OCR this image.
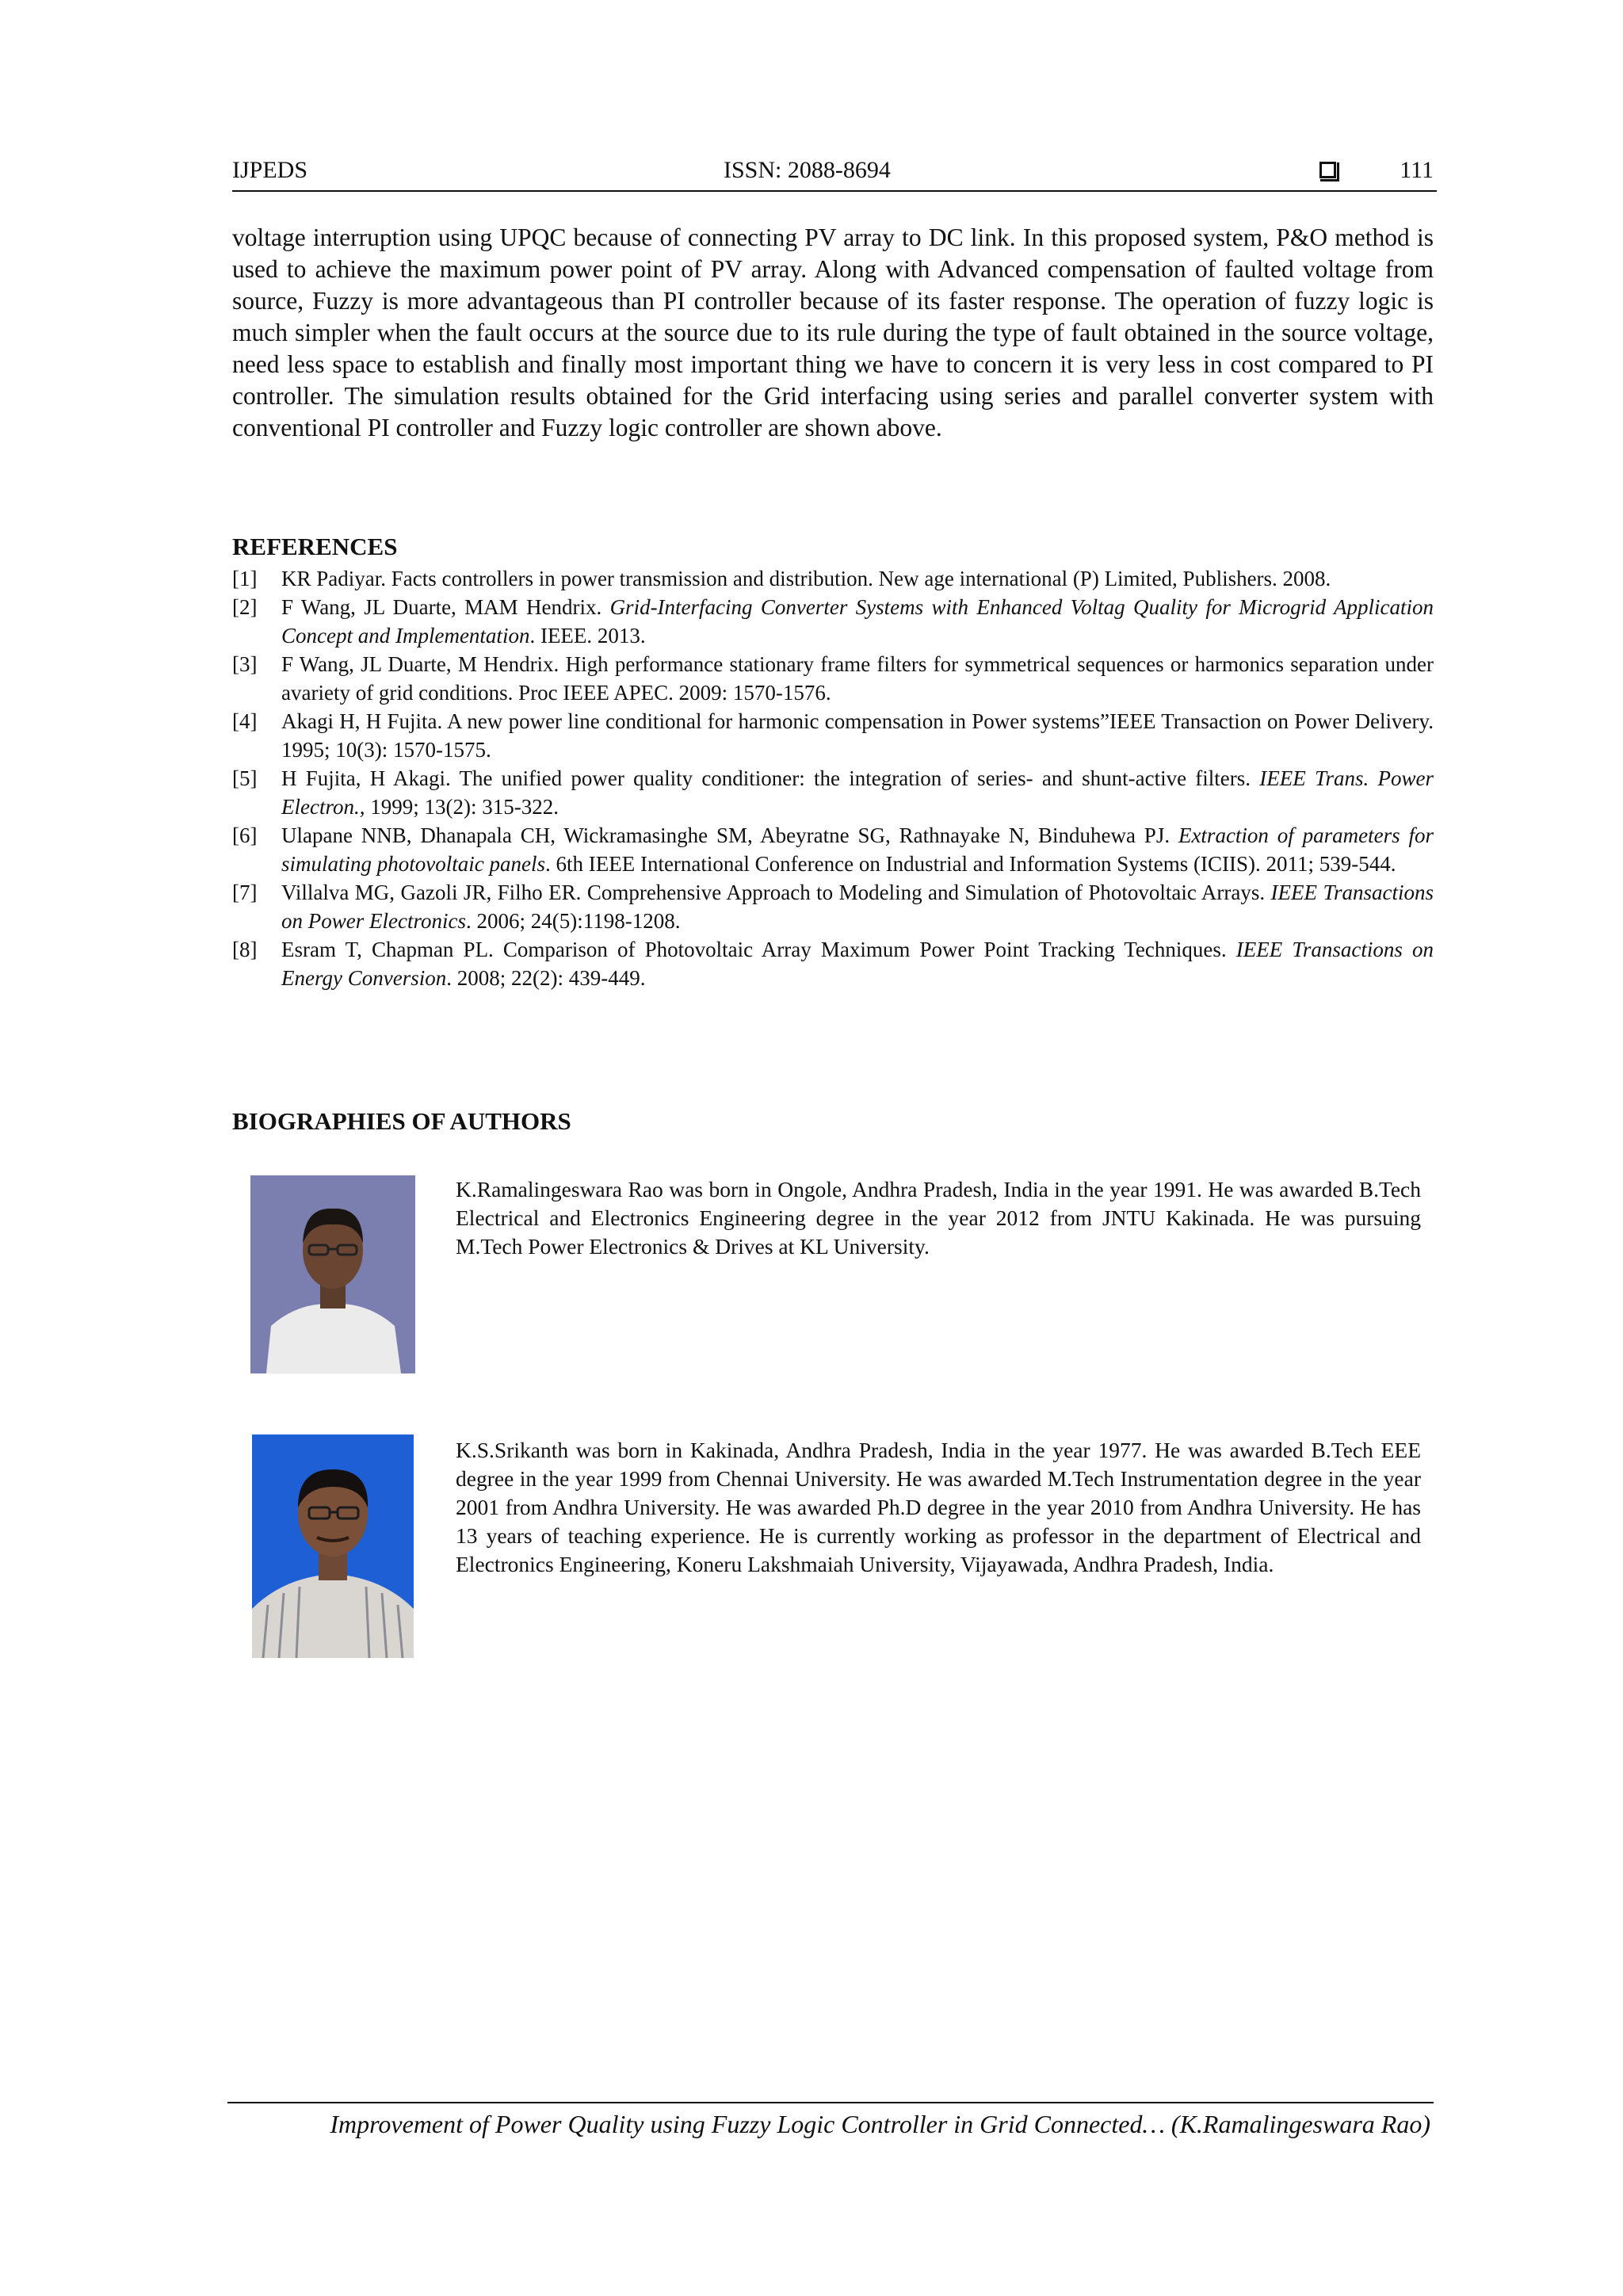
IJPEDS	ISSN: 2088-8694	111

voltage interruption using UPQC because of connecting PV array to DC link. In this proposed system, P&O method is used to achieve the maximum power point of PV array. Along with Advanced compensation of faulted voltage from source, Fuzzy is more advantageous than PI controller because of its faster response. The operation of fuzzy logic is much simpler when the fault occurs at the source due to its rule during the type of fault obtained in the source voltage, need less space to establish and finally most important thing we have to concern it is very less in cost compared to PI controller. The simulation results obtained for the Grid interfacing using series and parallel converter system with conventional PI controller and Fuzzy logic controller are shown above.

REFERENCES
[1] KR Padiyar. Facts controllers in power transmission and distribution. New age international (P) Limited, Publishers. 2008.
[2] F Wang, JL Duarte, MAM Hendrix. Grid-Interfacing Converter Systems with Enhanced Voltag Quality for Microgrid Application Concept and Implementation. IEEE. 2013.
[3] F Wang, JL Duarte, M Hendrix. High performance stationary frame filters for symmetrical sequences or harmonics separation under avariety of grid conditions. Proc IEEE APEC. 2009: 1570-1576.
[4] Akagi H, H Fujita. A new power line conditional for harmonic compensation in Power systems”IEEE Transaction on Power Delivery. 1995; 10(3): 1570-1575.
[5] H Fujita, H Akagi. The unified power quality conditioner: the integration of series- and shunt-active filters. IEEE Trans. Power Electron., 1999; 13(2): 315-322.
[6] Ulapane NNB, Dhanapala CH, Wickramasinghe SM, Abeyratne SG, Rathnayake N, Binduhewa PJ. Extraction of parameters for simulating photovoltaic panels. 6th IEEE International Conference on Industrial and Information Systems (ICIIS). 2011; 539-544.
[7] Villalva MG, Gazoli JR, Filho ER. Comprehensive Approach to Modeling and Simulation of Photovoltaic Arrays. IEEE Transactions on Power Electronics. 2006; 24(5):1198-1208.
[8] Esram T, Chapman PL. Comparison of Photovoltaic Array Maximum Power Point Tracking Techniques. IEEE Transactions on Energy Conversion. 2008; 22(2): 439-449.
BIOGRAPHIES OF AUTHORS

K.Ramalingeswara Rao was born in Ongole, Andhra Pradesh, India in the year 1991. He was awarded B.Tech Electrical and Electronics Engineering degree in the year 2012 from JNTU Kakinada. He was pursuing M.Tech Power Electronics & Drives at KL University.

K.S.Srikanth was born in Kakinada, Andhra Pradesh, India in the year 1977. He was awarded B.Tech EEE degree in the year 1999 from Chennai University. He was awarded M.Tech Instrumentation degree in the year 2001 from Andhra University. He was awarded Ph.D degree in the year 2010 from Andhra University. He has 13 years of teaching experience. He is currently working as professor in the department of Electrical and Electronics Engineering, Koneru Lakshmaiah University, Vijayawada, Andhra Pradesh, India.

Improvement of Power Quality using Fuzzy Logic Controller in Grid Connected… (K.Ramalingeswara Rao)
